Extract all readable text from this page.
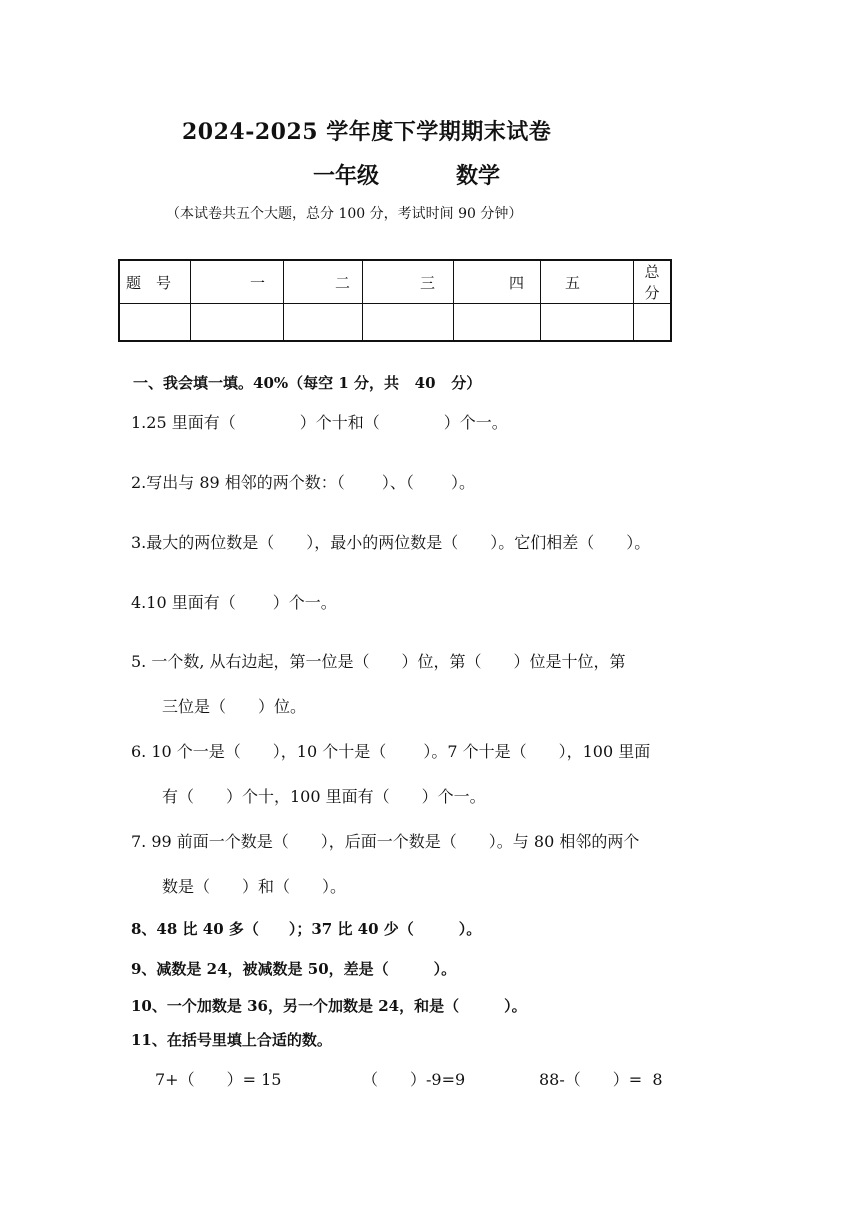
2024-2025 学年度下学期期末试卷
一年级	数学
（本试卷共五个大题，总分 100 分，考试时间 90 分钟）
题　号	一	二	三	四	五	总分

一、我会填一填。40%（每空 1 分，共   40   分）
1.25 里面有（　　　　）个十和（　　　　）个一。
2.写出与 89 相邻的两个数：（　　 ）、（　　 ）。
3.最大的两位数是（　　），最小的两位数是（　　）。它们相差（　　）。
4.10 里面有（　　 ）个一。
5. 一个数, 从右边起，第一位是（　　）位，第（　　）位是十位，第
三位是（　　）位。
6. 10 个一是（　　），10 个十是（　　 ）。7 个十是（　　），100 里面
有（　　）个十，100 里面有（　　）个一。
7. 99 前面一个数是（　　），后面一个数是（　　）。与 80 相邻的两个
数是（　　）和（　　）。
8、48 比 40 多（　　）；37 比 40 少（　　　）。
9、减数是 24，被减数是 50，差是（　　　）。
10、一个加数是 36，另一个加数是 24，和是（　　　）。
11、在括号里填上合适的数。
7+（　　）= 15	（　　）-9=9	88-（　　）=  8
